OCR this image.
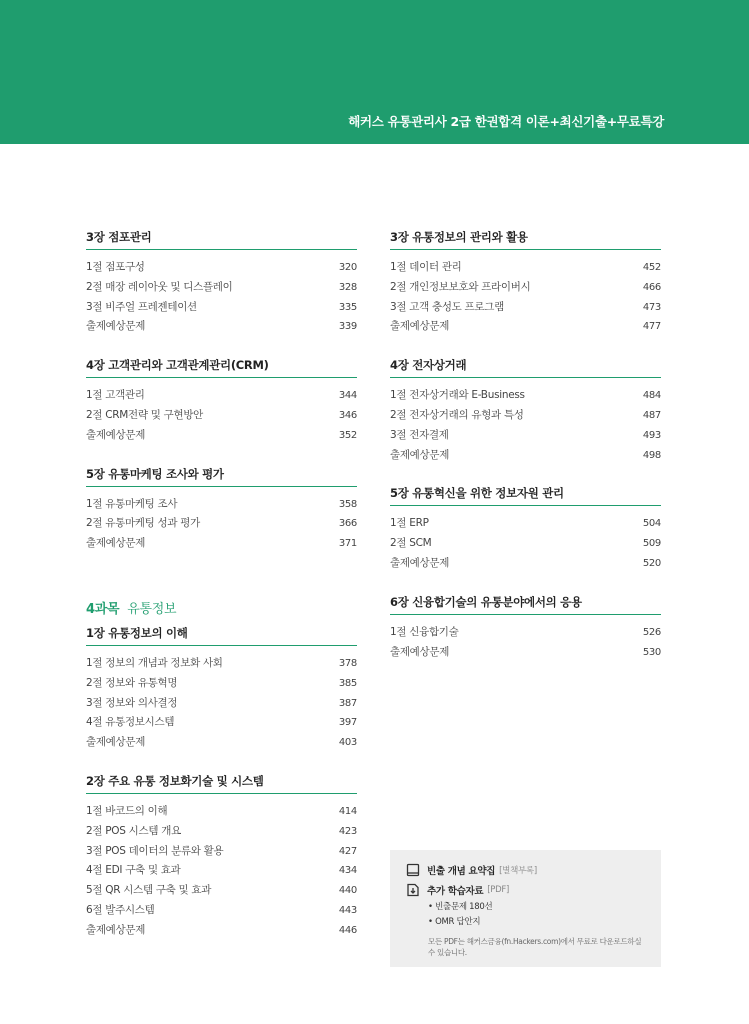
해커스 유통관리사 2급 한권합격 이론+최신기출+무료특강
3장 점포관리
1절 점포구성	320
2절 매장 레이아웃 및 디스플레이	328
3절 비주얼 프레젠테이션	335
출제예상문제	339
4장 고객관리와 고객관계관리(CRM)
1절 고객관리	344
2절 CRM전략 및 구현방안	346
출제예상문제	352
5장 유통마케팅 조사와 평가
1절 유통마케팅 조사	358
2절 유통마케팅 성과 평가	366
출제예상문제	371
4과목 유통정보
1장 유통정보의 이해
1절 정보의 개념과 정보화 사회	378
2절 정보와 유통혁명	385
3절 정보와 의사결정	387
4절 유통정보시스템	397
출제예상문제	403
2장 주요 유통 정보화기술 및 시스템
1절 바코드의 이해	414
2절 POS 시스템 개요	423
3절 POS 데이터의 분류와 활용	427
4절 EDI 구축 및 효과	434
5절 QR 시스템 구축 및 효과	440
6절 발주시스템	443
출제예상문제	446
3장 유통정보의 관리와 활용
1절 데이터 관리	452
2절 개인정보보호와 프라이버시	466
3절 고객 충성도 프로그램	473
출제예상문제	477
4장 전자상거래
1절 전자상거래와 E-Business	484
2절 전자상거래의 유형과 특성	487
3절 전자결제	493
출제예상문제	498
5장 유통혁신을 위한 정보자원 관리
1절 ERP	504
2절 SCM	509
출제예상문제	520
6장 신융합기술의 유통분야에서의 응용
1절 신융합기술	526
출제예상문제	530
빈출 개념 요약집 [별책부록]
추가 학습자료 [PDF]
• 빈출문제 180선
• OMR 답안지
모든 PDF는 해커스금융(fn.Hackers.com)에서 무료로 다운로드하실 수 있습니다.
